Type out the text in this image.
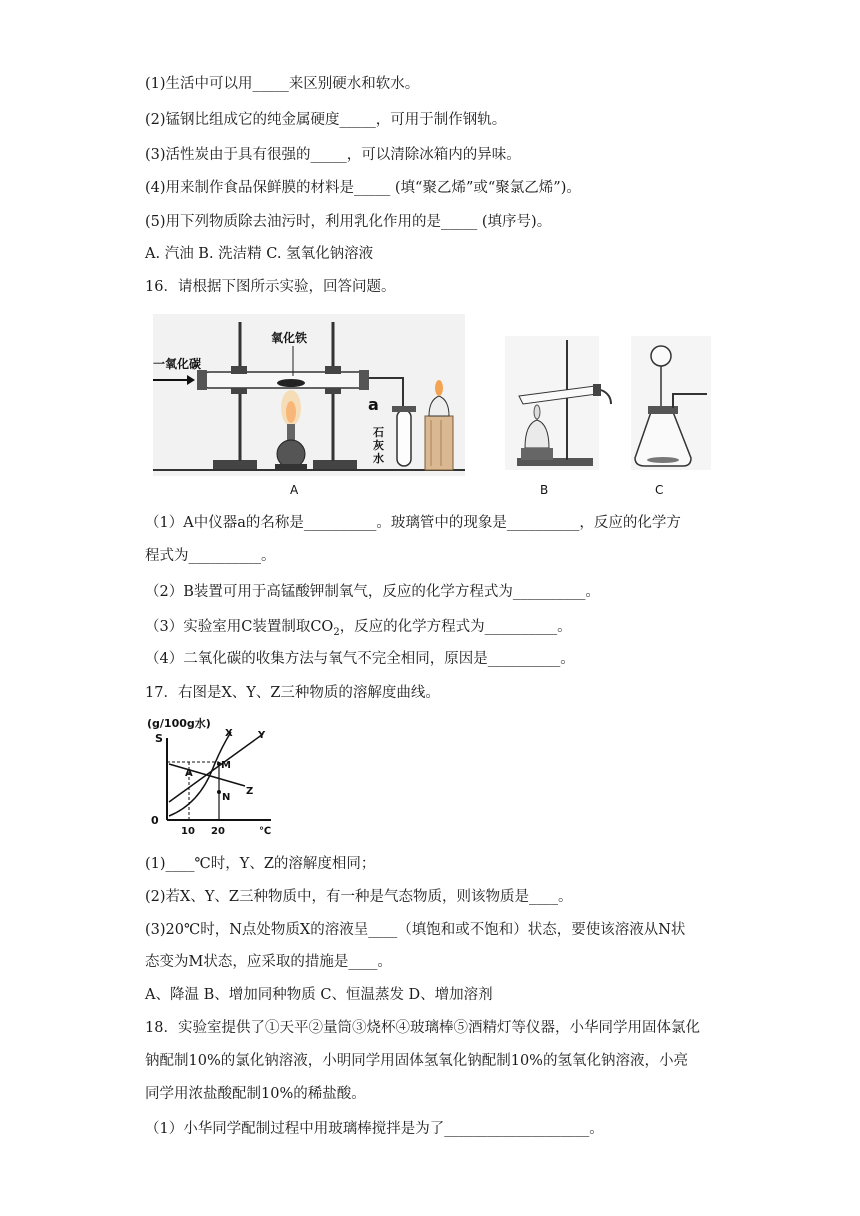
(1)生活中可以用_____来区别硬水和软水。
(2)锰钢比组成它的纯金属硬度_____，可用于制作钢轨。
(3)活性炭由于具有很强的_____，可以清除冰箱内的异味。
(4)用来制作食品保鲜膜的材料是_____ (填“聚乙烯”或“聚氯乙烯”)。
(5)用下列物质除去油污时，利用乳化作用的是_____ (填序号)。
A. 汽油 B. 洗洁精 C. 氢氧化钠溶液
16．请根据下图所示实验，回答问题。
一氧化碳
氧化铁
a
石
灰
水
A	B	C
（1）A中仪器a的名称是__________。玻璃管中的现象是__________，反应的化学方
程式为__________。
（2）B装置可用于高锰酸钾制氧气，反应的化学方程式为__________。
（3）实验室用C装置制取$CO_2$，反应的化学方程式为__________。
（4）二氧化碳的收集方法与氧气不完全相同，原因是__________。
17．右图是X、Y、Z三种物质的溶解度曲线。
(g/100g水)
S
0
X	Y
Z
M
N
A
10 20	℃
(1)____℃时，Y、Z的溶解度相同；
(2)若X、Y、Z三种物质中，有一种是气态物质，则该物质是____。
(3)20℃时，N点处物质X的溶液呈____（填饱和或不饱和）状态，要使该溶液从N状
态变为M状态，应采取的措施是____。
A、降温 B、增加同种物质 C、恒温蒸发 D、增加溶剂
18．实验室提供了①天平②量筒③烧杯④玻璃棒⑤酒精灯等仪器，小华同学用固体氯化
钠配制10%的氯化钠溶液，小明同学用固体氢氧化钠配制10%的氢氧化钠溶液，小亮
同学用浓盐酸配制10%的稀盐酸。
（1）小华同学配制过程中用玻璃棒搅拌是为了____________________。
